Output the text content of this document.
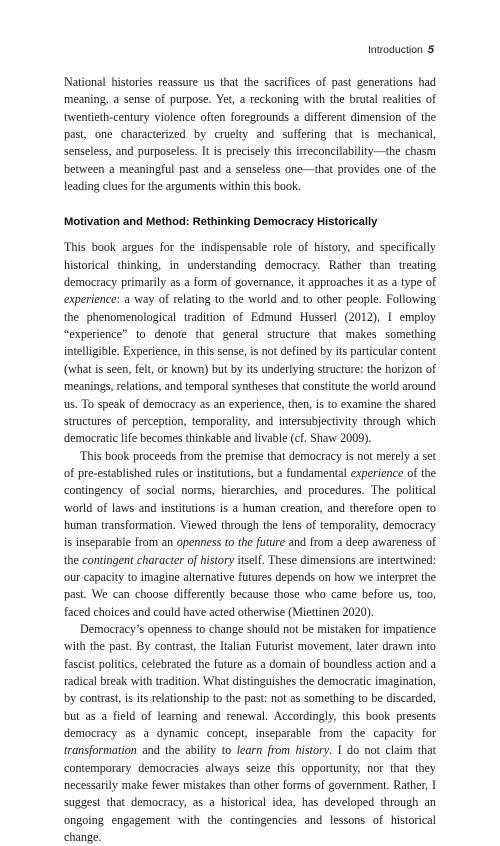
Introduction 5

National histories reassure us that the sacrifices of past generations had meaning, a sense of purpose. Yet, a reckoning with the brutal realities of twentieth-century violence often foregrounds a different dimension of the past, one characterized by cruelty and suffering that is mechanical, senseless, and purposeless. It is precisely this irreconcilability—the chasm between a meaningful past and a senseless one—that provides one of the leading clues for the arguments within this book.

Motivation and Method: Rethinking Democracy Historically

This book argues for the indispensable role of history, and specifically historical thinking, in understanding democracy. Rather than treating democracy primarily as a form of governance, it approaches it as a type of experience: a way of relating to the world and to other people. Following the phenomenological tradition of Edmund Husserl (2012), I employ “experience” to denote that general structure that makes something intelligible. Experience, in this sense, is not defined by its particular content (what is seen, felt, or known) but by its underlying structure: the horizon of meanings, relations, and temporal syntheses that constitute the world around us. To speak of democracy as an experience, then, is to examine the shared structures of perception, temporality, and intersubjectivity through which democratic life becomes thinkable and livable (cf. Shaw 2009).

This book proceeds from the premise that democracy is not merely a set of pre-established rules or institutions, but a fundamental experience of the contingency of social norms, hierarchies, and procedures. The political world of laws and institutions is a human creation, and therefore open to human transformation. Viewed through the lens of temporality, democracy is inseparable from an openness to the future and from a deep awareness of the contingent character of history itself. These dimensions are intertwined: our capacity to imagine alternative futures depends on how we interpret the past. We can choose differently because those who came before us, too, faced choices and could have acted otherwise (Miettinen 2020).

Democracy’s openness to change should not be mistaken for impatience with the past. By contrast, the Italian Futurist movement, later drawn into fascist politics, celebrated the future as a domain of boundless action and a radical break with tradition. What distinguishes the democratic imagination, by contrast, is its relationship to the past: not as something to be discarded, but as a field of learning and renewal. Accordingly, this book presents democracy as a dynamic concept, inseparable from the capacity for transformation and the ability to learn from history. I do not claim that contemporary democracies always seize this opportunity, nor that they necessarily make fewer mistakes than other forms of government. Rather, I suggest that democracy, as a historical idea, has developed through an ongoing engagement with the contingencies and lessons of historical change.
